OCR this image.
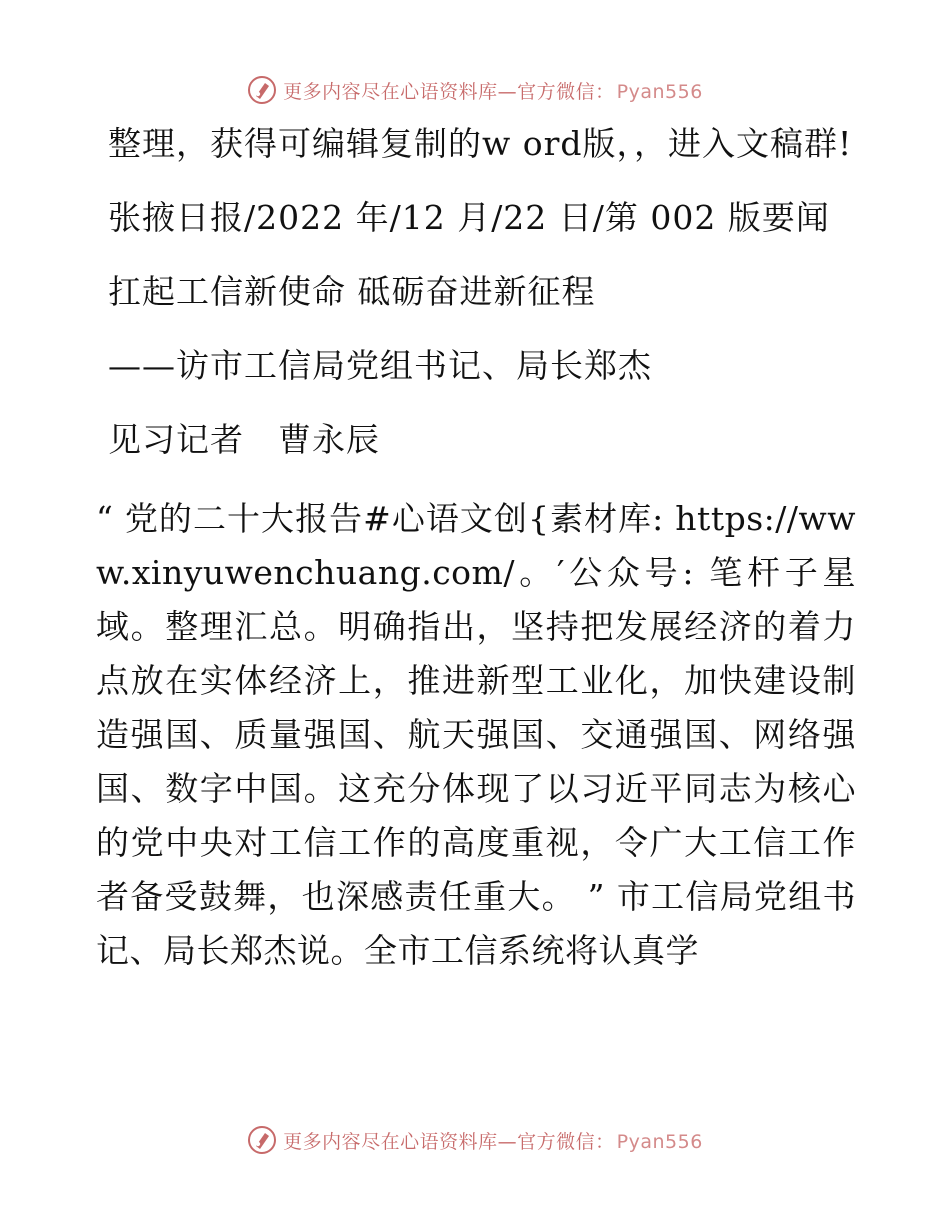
更多内容尽在心语资料库—官方微信： Pyan556

整理，获得可编辑复制的w ord版，，进入文稿群!

张掖日报/2022 年/12 月/22 日/第 002 版要闻

扛起工信新使命 砥砺奋进新征程

——访市工信局党组书记、局长郑杰

见习记者　曹永辰

“ 党的二十大报告#心语文创{素材库: https://www.xinyuwenchuang.com/。′公众号: 笔杆子星域。整理汇总。明确指出，坚持把发展经济的着力点放在实体经济上，推进新型工业化，加快建设制造强国、质量强国、航天强国、交通强国、网络强国、数字中国。这充分体现了以习近平同志为核心的党中央对工信工作的高度重视，令广大工信工作者备受鼓舞，也深感责任重大。 ” 市工信局党组书记、局长郑杰说。全市工信系统将认真学

更多内容尽在心语资料库—官方微信： Pyan556
